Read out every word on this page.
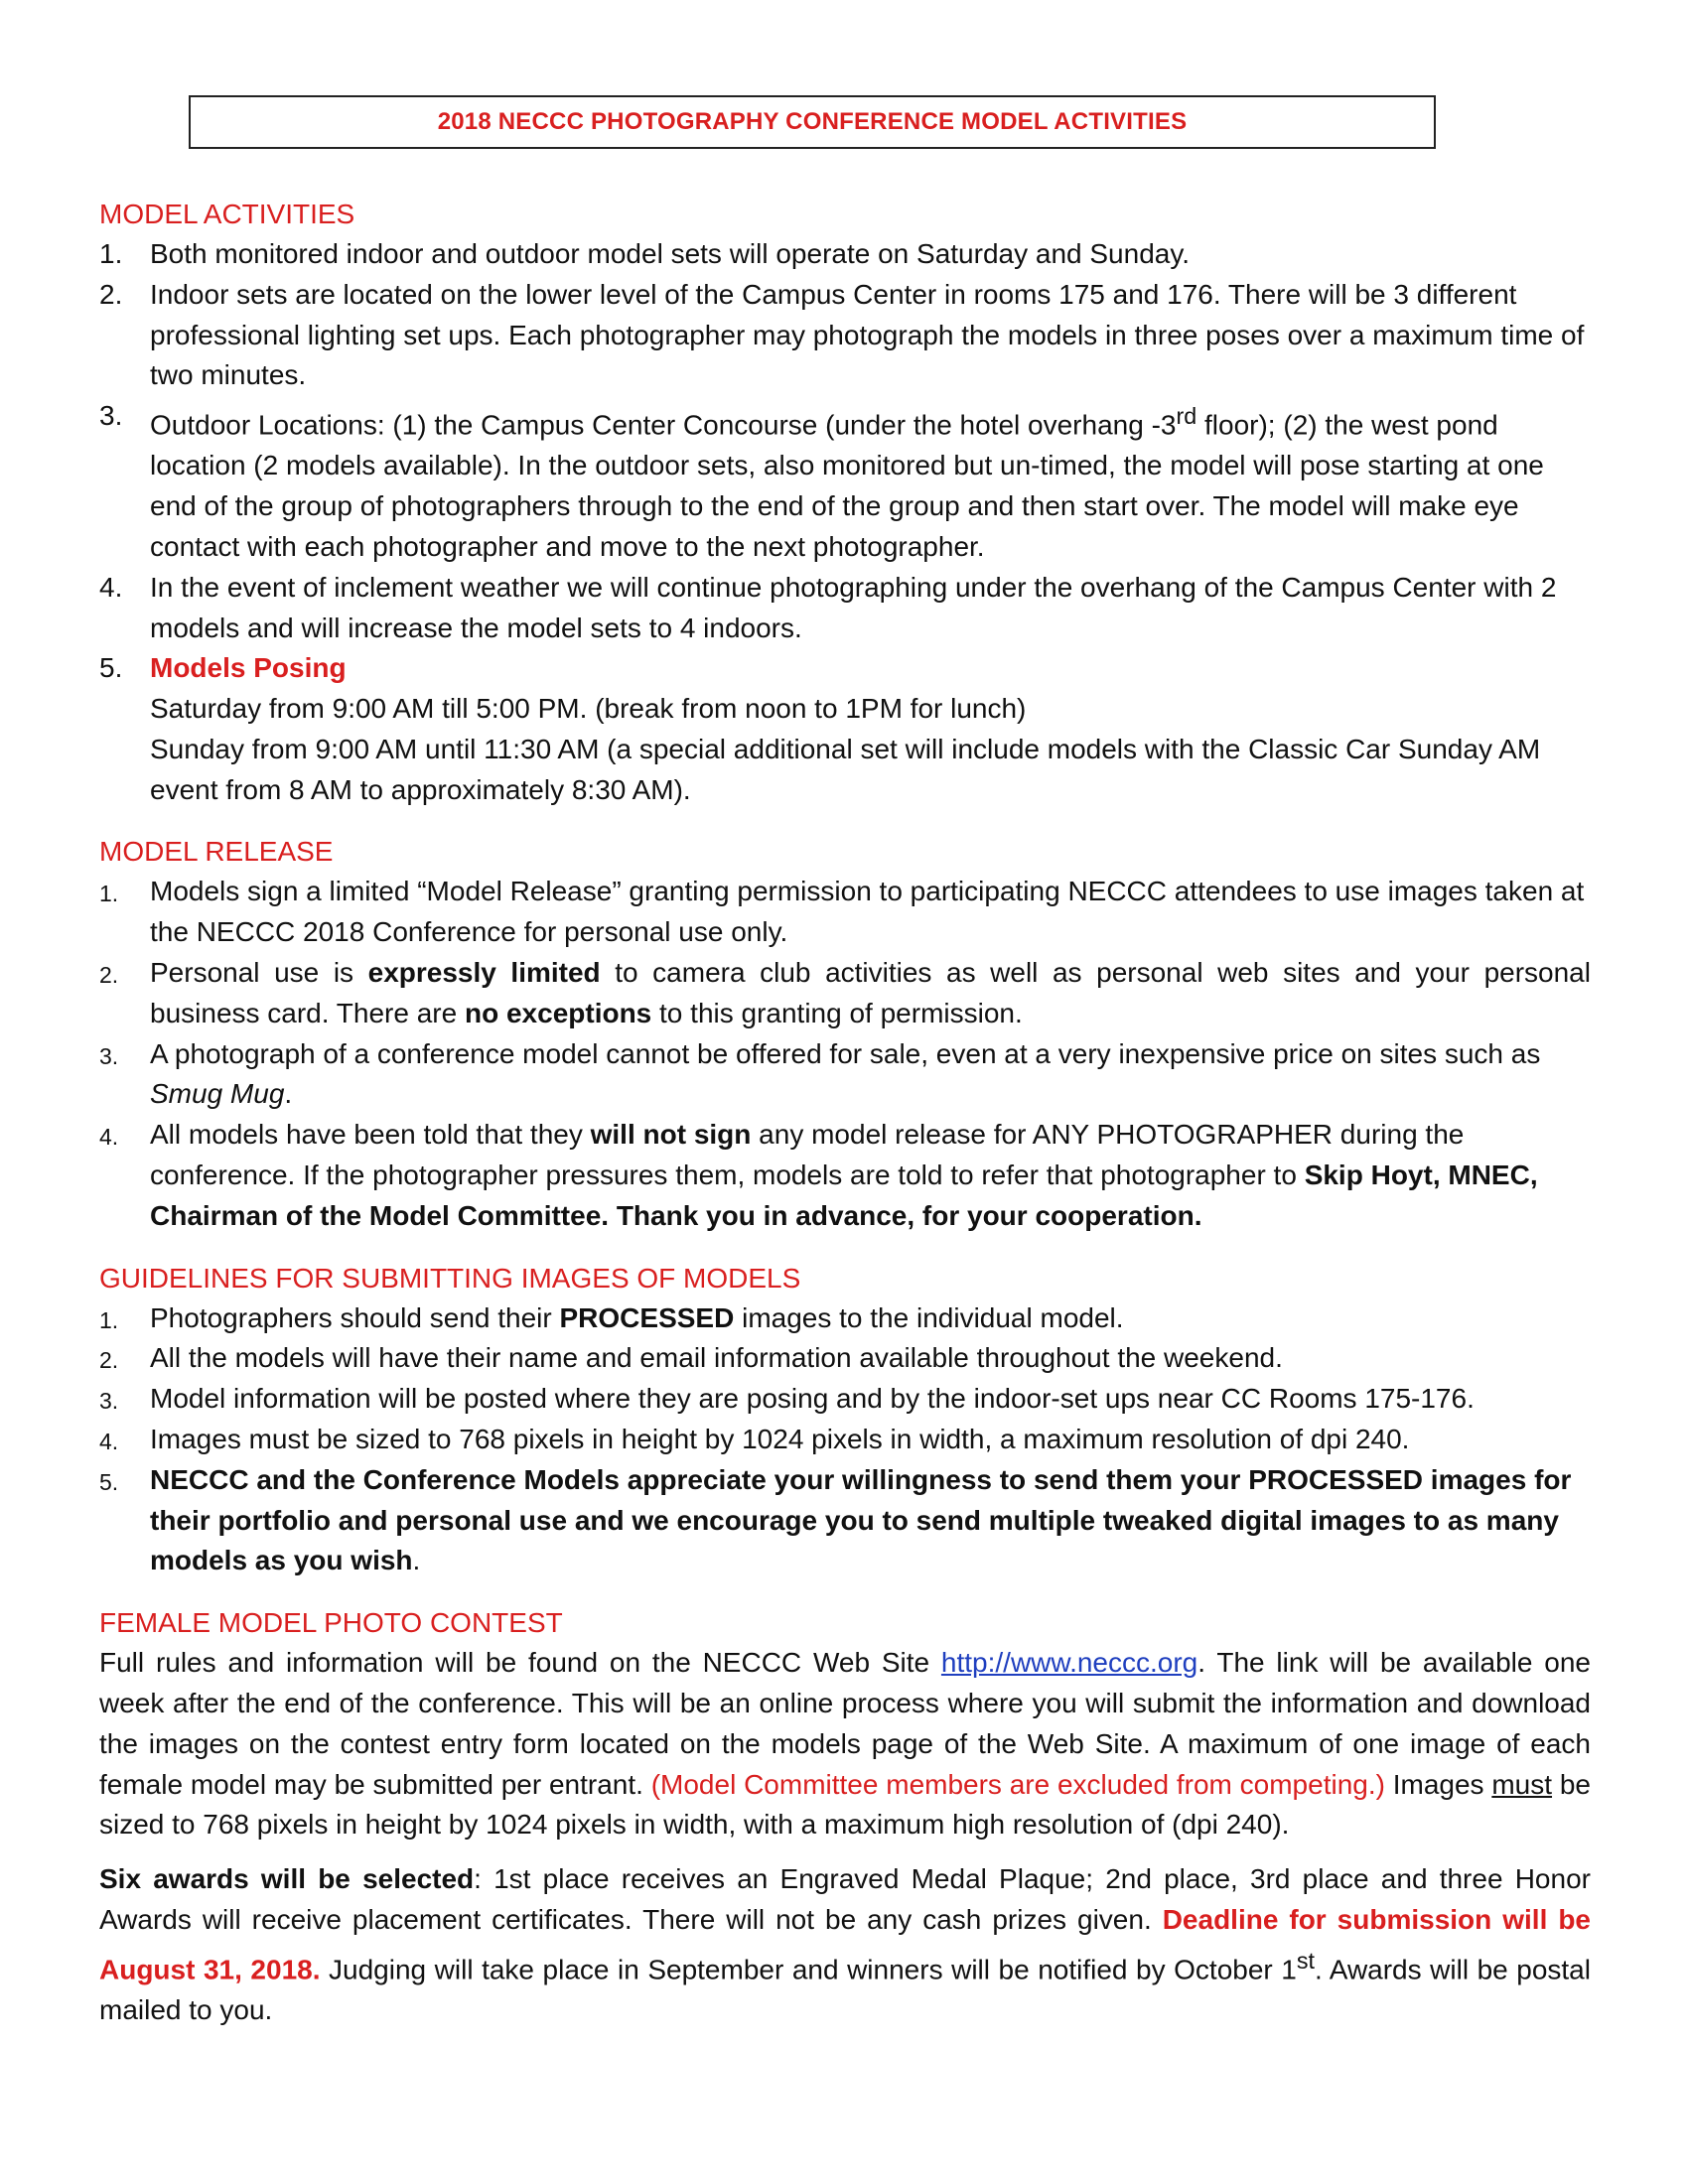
2018 NECCC PHOTOGRAPHY CONFERENCE MODEL ACTIVITIES
MODEL ACTIVITIES
1. Both monitored indoor and outdoor model sets will operate on Saturday and Sunday.
2. Indoor sets are located on the lower level of the Campus Center in rooms 175 and 176. There will be 3 different professional lighting set ups. Each photographer may photograph the models in three poses over a maximum time of two minutes.
3. Outdoor Locations: (1) the Campus Center Concourse (under the hotel overhang -3rd floor); (2) the west pond location (2 models available). In the outdoor sets, also monitored but un-timed, the model will pose starting at one end of the group of photographers through to the end of the group and then start over. The model will make eye contact with each photographer and move to the next photographer.
4. In the event of inclement weather we will continue photographing under the overhang of the Campus Center with 2 models and will increase the model sets to 4 indoors.
5. Models Posing
Saturday from 9:00 AM till 5:00 PM. (break from noon to 1PM for lunch)
Sunday from 9:00 AM until 11:30 AM (a special additional set will include models with the Classic Car Sunday AM event from 8 AM to approximately 8:30 AM).
MODEL RELEASE
1. Models sign a limited “Model Release” granting permission to participating NECCC attendees to use images taken at the NECCC 2018 Conference for personal use only.
2. Personal use is expressly limited to camera club activities as well as personal web sites and your personal business card. There are no exceptions to this granting of permission.
3. A photograph of a conference model cannot be offered for sale, even at a very inexpensive price on sites such as Smug Mug.
4. All models have been told that they will not sign any model release for ANY PHOTOGRAPHER during the conference. If the photographer pressures them, models are told to refer that photographer to Skip Hoyt, MNEC, Chairman of the Model Committee. Thank you in advance, for your cooperation.
GUIDELINES FOR SUBMITTING IMAGES OF MODELS
1. Photographers should send their PROCESSED images to the individual model.
2. All the models will have their name and email information available throughout the weekend.
3. Model information will be posted where they are posing and by the indoor-set ups near CC Rooms 175-176.
4. Images must be sized to 768 pixels in height by 1024 pixels in width, a maximum resolution of dpi 240.
5. NECCC and the Conference Models appreciate your willingness to send them your PROCESSED images for their portfolio and personal use and we encourage you to send multiple tweaked digital images to as many models as you wish.
FEMALE MODEL PHOTO CONTEST

Full rules and information will be found on the NECCC Web Site http://www.neccc.org. The link will be available one week after the end of the conference. This will be an online process where you will submit the information and download the images on the contest entry form located on the models page of the Web Site. A maximum of one image of each female model may be submitted per entrant. (Model Committee members are excluded from competing.) Images must be sized to 768 pixels in height by 1024 pixels in width, with a maximum high resolution of (dpi 240).

Six awards will be selected: 1st place receives an Engraved Medal Plaque; 2nd place, 3rd place and three Honor Awards will receive placement certificates. There will not be any cash prizes given. Deadline for submission will be August 31, 2018. Judging will take place in September and winners will be notified by October 1st. Awards will be postal mailed to you.
